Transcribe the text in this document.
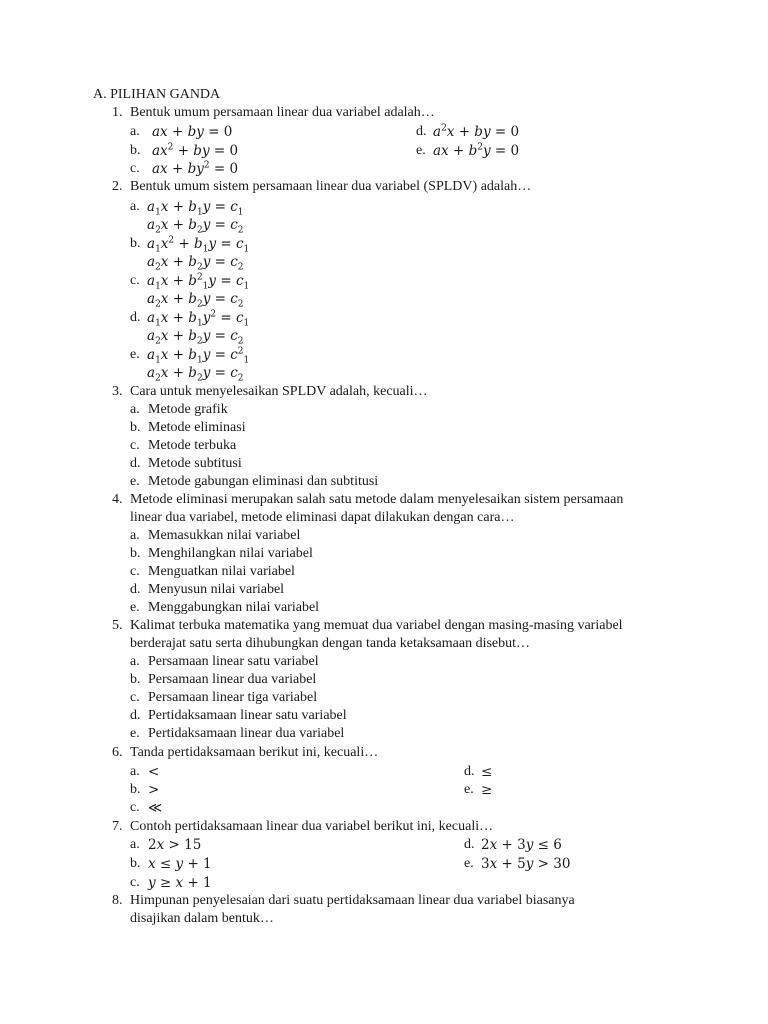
A. PILIHAN GANDA
1. Bentuk umum persamaan linear dua variabel adalah…
a. ax + by = 0
b. $ax^2$ + by = 0
c. ax + $by^2 = 0$
d. $a^2x$ + by = 0
e. ax + $b^2y = 0$
2. Bentuk umum sistem persamaan linear dua variabel (SPLDV) adalah…
a. $a_1x + b_1y = c_1$
$a_2x + b_2y = c_2$
b. $a_1x^2 + b_1y = c_1$
$a_2x + b_2y = c_2$
c. $a_1x + b^2_1y = c_1$
$a_2x + b_2y = c_2$
d. $a_1x + b_1y^2 = c_1$
$a_2x + b_2y = c_2$
e. $a_1x + b_1y = c^2_1$
$a_2x + b_2y = c_2$
3. Cara untuk menyelesaikan SPLDV adalah, kecuali…
a. Metode grafik
b. Metode eliminasi
c. Metode terbuka
d. Metode subtitusi
e. Metode gabungan eliminasi dan subtitusi
4. Metode eliminasi merupakan salah satu metode dalam menyelesaikan sistem persamaan
linear dua variabel, metode eliminasi dapat dilakukan dengan cara…
a. Memasukkan nilai variabel
b. Menghilangkan nilai variabel
c. Menguatkan nilai variabel
d. Menyusun nilai variabel
e. Menggabungkan nilai variabel
5. Kalimat terbuka matematika yang memuat dua variabel dengan masing-masing variabel
berderajat satu serta dihubungkan dengan tanda ketaksamaan disebut…
a. Persamaan linear satu variabel
b. Persamaan linear dua variabel
c. Persamaan linear tiga variabel
d. Pertidaksamaan linear satu variabel
e. Pertidaksamaan linear dua variabel
6. Tanda pertidaksamaan berikut ini, kecuali…
a. <
b. >
c. ≪
d. ≤
e. ≥
7. Contoh pertidaksamaan linear dua variabel berikut ini, kecuali…
a. 2x > 15
b. x ≤ y + 1
c. y ≥ x + 1
d. 2x + 3y ≤ 6
e. 3x + 5y > 30
8. Himpunan penyelesaian dari suatu pertidaksamaan linear dua variabel biasanya
disajikan dalam bentuk…
